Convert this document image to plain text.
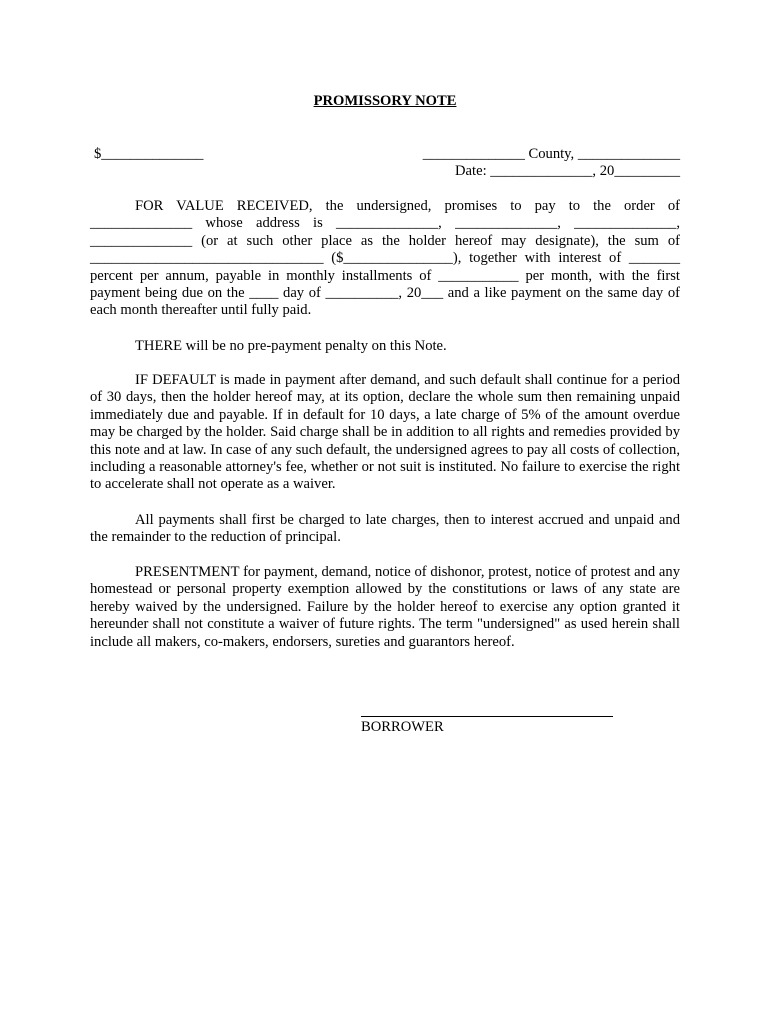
PROMISSORY NOTE
$______________	______________ County, ______________
Date: ______________, 20_________

FOR VALUE RECEIVED, the undersigned, promises to pay to the order of ______________ whose address is ______________, ______________, ______________, ______________ (or at such other place as the holder hereof may designate), the sum of ________________________________ ($_______________), together with interest of _______ percent per annum, payable in monthly installments of ___________ per month, with the first payment being due on the ____ day of __________, 20___ and a like payment on the same day of each month thereafter until fully paid.

THERE will be no pre-payment penalty on this Note.

IF DEFAULT is made in payment after demand, and such default shall continue for a period of 30 days, then the holder hereof may, at its option, declare the whole sum then remaining unpaid immediately due and payable. If in default for 10 days, a late charge of 5% of the amount overdue may be charged by the holder. Said charge shall be in addition to all rights and remedies provided by this note and at law. In case of any such default, the undersigned agrees to pay all costs of collection, including a reasonable attorney's fee, whether or not suit is instituted. No failure to exercise the right to accelerate shall not operate as a waiver.

All payments shall first be charged to late charges, then to interest accrued and unpaid and the remainder to the reduction of principal.

PRESENTMENT for payment, demand, notice of dishonor, protest, notice of protest and any homestead or personal property exemption allowed by the constitutions or laws of any state are hereby waived by the undersigned. Failure by the holder hereof to exercise any option granted it hereunder shall not constitute a waiver of future rights. The term "undersigned" as used herein shall include all makers, co-makers, endorsers, sureties and guarantors hereof.

BORROWER
